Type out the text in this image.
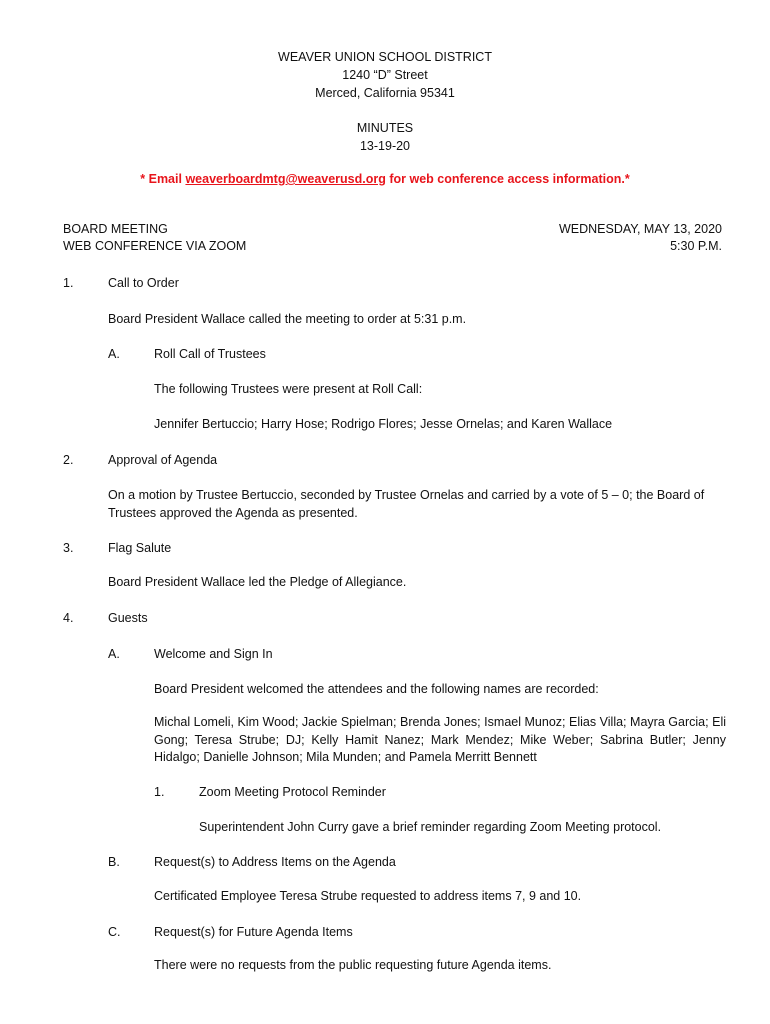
WEAVER UNION SCHOOL DISTRICT
1240 “D” Street
Merced, California 95341
MINUTES
13-19-20
* Email weaverboardmtg@weaverusd.org for web conference access information.*
BOARD MEETING
WEB CONFERENCE VIA ZOOM
WEDNESDAY, MAY 13, 2020
5:30 P.M.
1.	Call to Order
Board President Wallace called the meeting to order at 5:31 p.m.
A.	Roll Call of Trustees
The following Trustees were present at Roll Call:
Jennifer Bertuccio; Harry Hose; Rodrigo Flores; Jesse Ornelas; and Karen Wallace
2.	Approval of Agenda
On a motion by Trustee Bertuccio, seconded by Trustee Ornelas and carried by a vote of 5 – 0; the Board of Trustees approved the Agenda as presented.
3.	Flag Salute
Board President Wallace led the Pledge of Allegiance.
4.	Guests
A.	Welcome and Sign In
Board President welcomed the attendees and the following names are recorded:
Michal Lomeli, Kim Wood; Jackie Spielman; Brenda Jones; Ismael Munoz; Elias Villa; Mayra Garcia; Eli Gong; Teresa Strube; DJ; Kelly Hamit Nanez; Mark Mendez; Mike Weber; Sabrina Butler; Jenny Hidalgo; Danielle Johnson; Mila Munden; and Pamela Merritt Bennett
1.	Zoom Meeting Protocol Reminder
Superintendent John Curry gave a brief reminder regarding Zoom Meeting protocol.
B.	Request(s) to Address Items on the Agenda
Certificated Employee Teresa Strube requested to address items 7, 9 and 10.
C.	Request(s) for Future Agenda Items
There were no requests from the public requesting future Agenda items.
